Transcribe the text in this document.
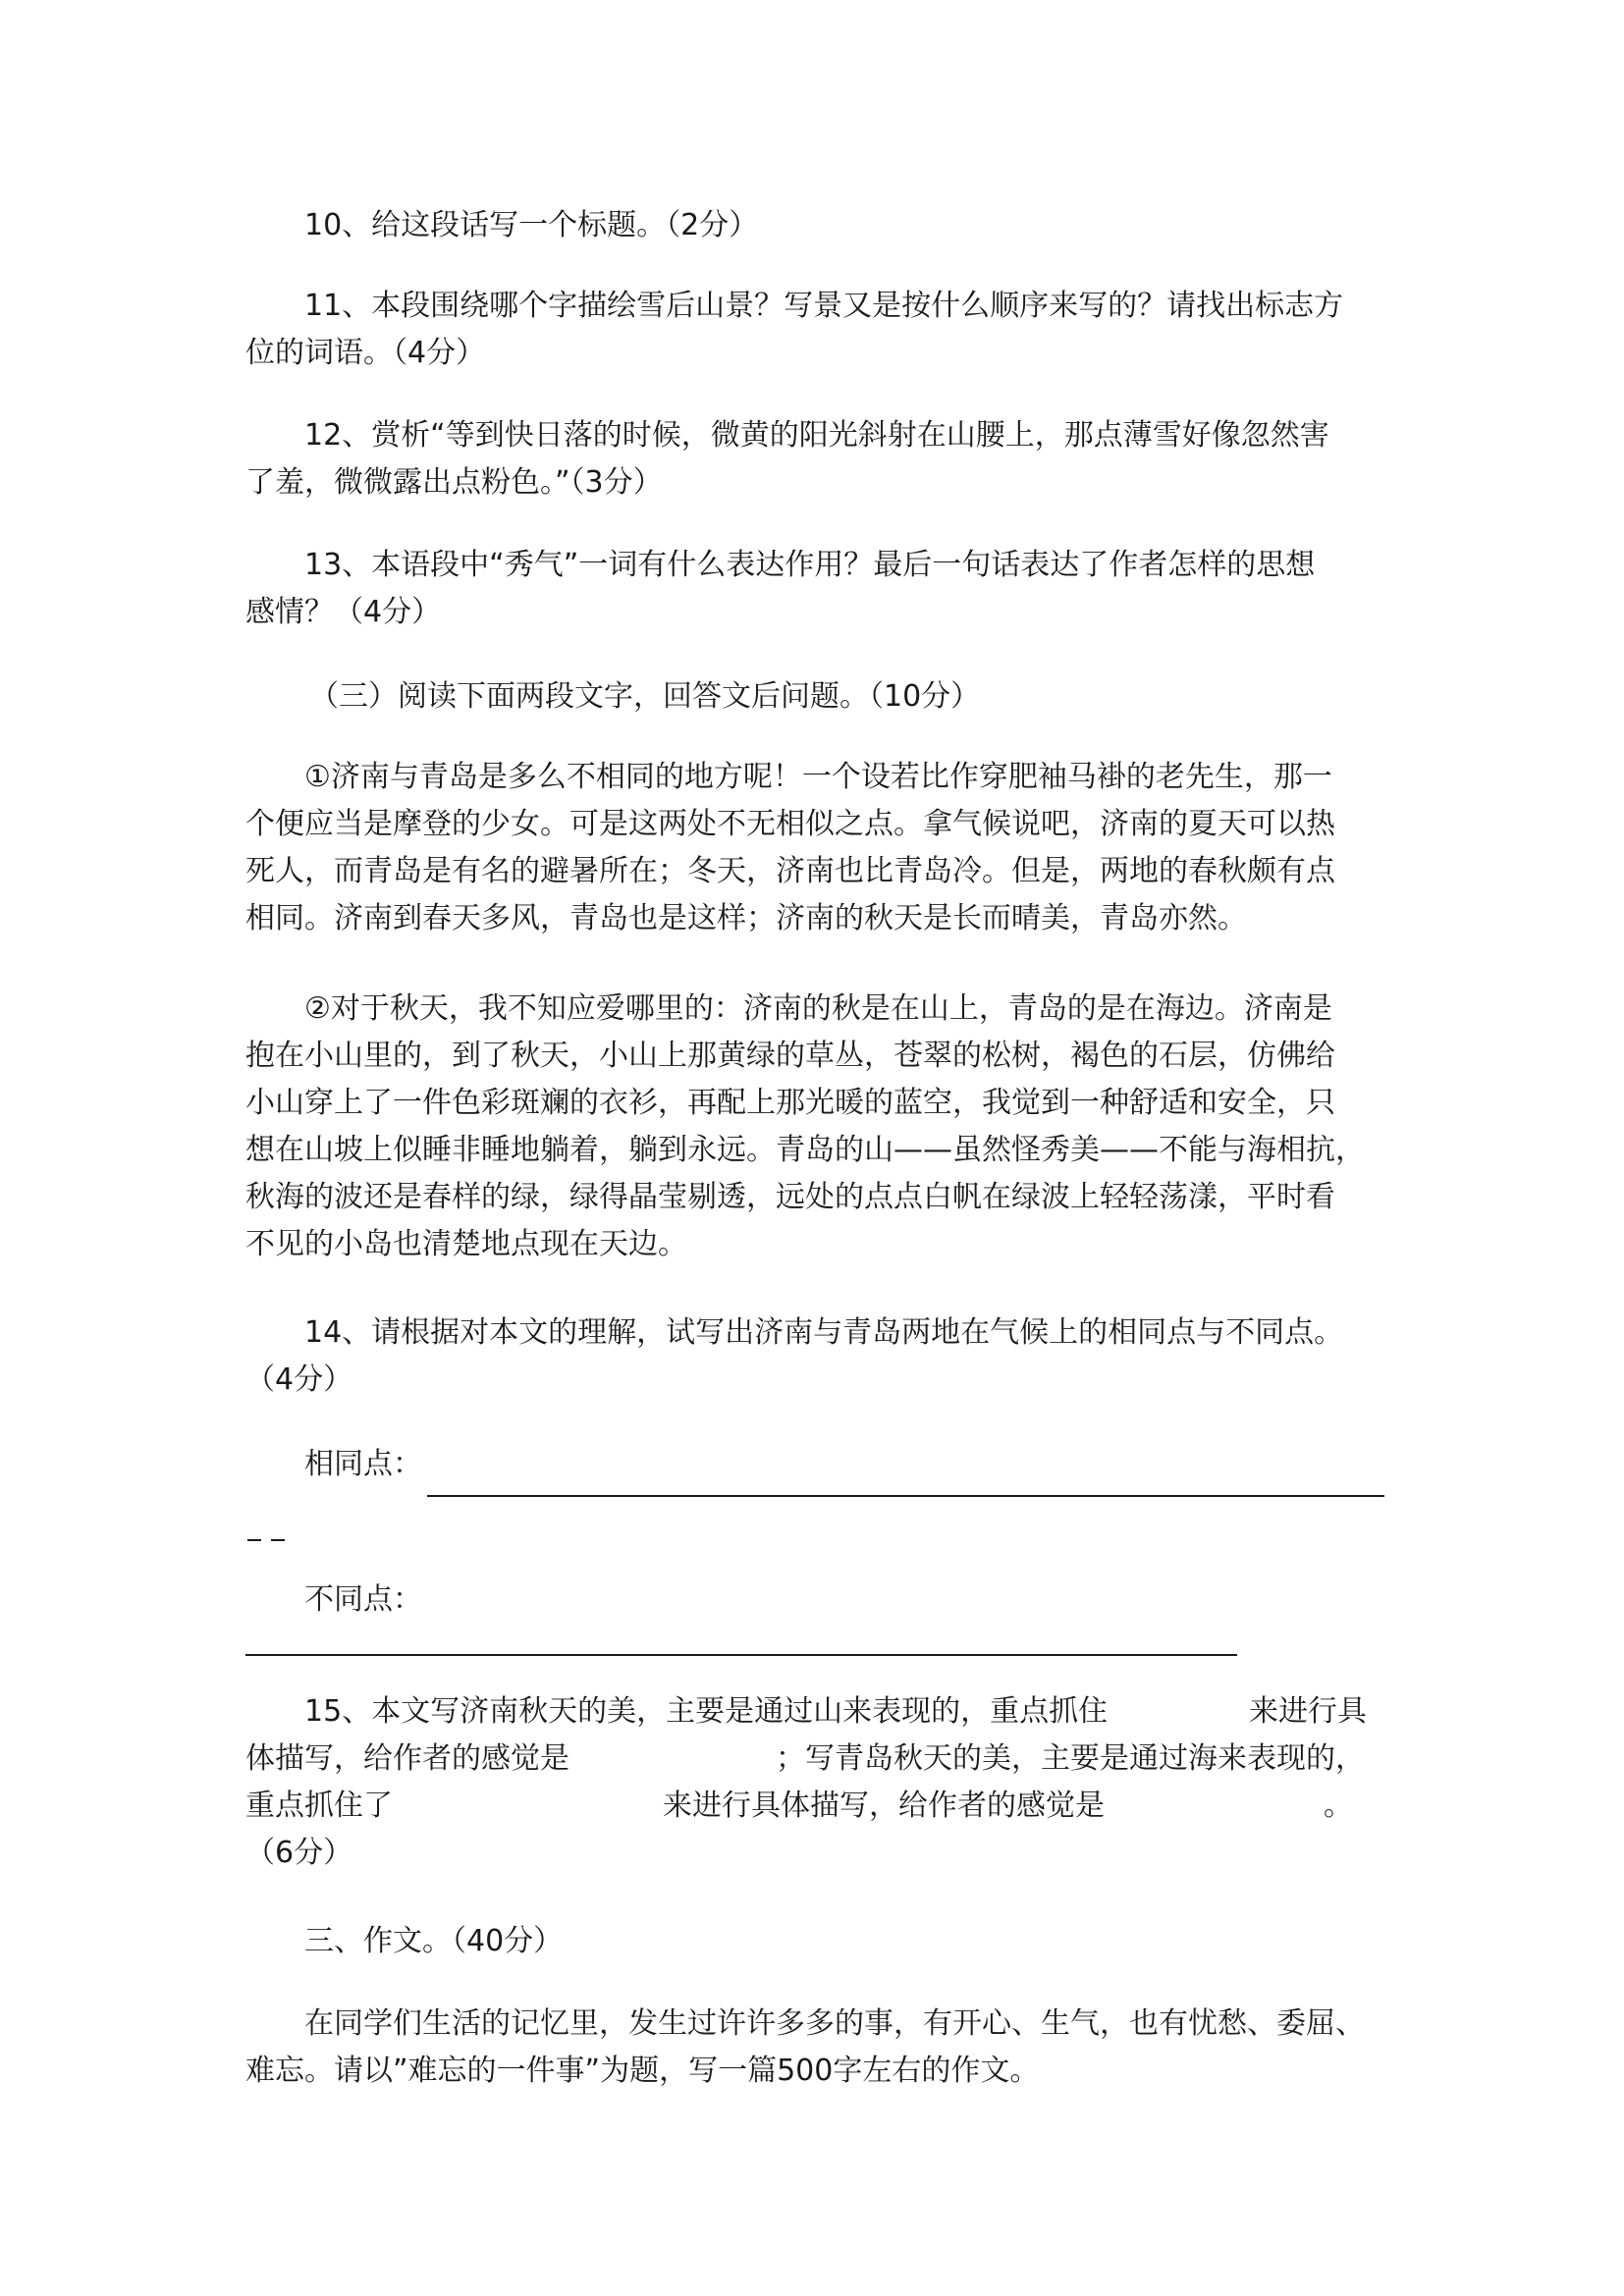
10、给这段话写一个标题。（2分）
11、本段围绕哪个字描绘雪后山景？写景又是按什么顺序来写的？请找出标志方
位的词语。（4分）
12、赏析“等到快日落的时候，微黄的阳光斜射在山腰上，那点薄雪好像忽然害
了羞，微微露出点粉色。”（3分）
13、本语段中“秀气”一词有什么表达作用？最后一句话表达了作者怎样的思想
感情？（4分）
（三）阅读下面两段文字，回答文后问题。（10分）
①济南与青岛是多么不相同的地方呢！一个设若比作穿肥袖马褂的老先生，那一
个便应当是摩登的少女。可是这两处不无相似之点。拿气候说吧，济南的夏天可以热
死人，而青岛是有名的避暑所在；冬天，济南也比青岛冷。但是，两地的春秋颇有点
相同。济南到春天多风，青岛也是这样；济南的秋天是长而晴美，青岛亦然。
②对于秋天，我不知应爱哪里的：济南的秋是在山上，青岛的是在海边。济南是
抱在小山里的，到了秋天，小山上那黄绿的草丛，苍翠的松树，褐色的石层，仿佛给
小山穿上了一件色彩斑斓的衣衫，再配上那光暖的蓝空，我觉到一种舒适和安全，只
想在山坡上似睡非睡地躺着，躺到永远。青岛的山——虽然怪秀美——不能与海相抗，
秋海的波还是春样的绿，绿得晶莹剔透，远处的点点白帆在绿波上轻轻荡漾，平时看
不见的小岛也清楚地点现在天边。
14、请根据对本文的理解，试写出济南与青岛两地在气候上的相同点与不同点。
（4分）
相同点：
不同点：
15、本文写济南秋天的美，主要是通过山来表现的，重点抓住	来进行具
体描写，给作者的感觉是	；写青岛秋天的美，主要是通过海来表现的，
重点抓住了	来进行具体描写，给作者的感觉是	。
（6分）
三、作文。（40分）
在同学们生活的记忆里，发生过许许多多的事，有开心、生气，也有忧愁、委屈、
难忘。请以”难忘的一件事”为题，写一篇500字左右的作文。
